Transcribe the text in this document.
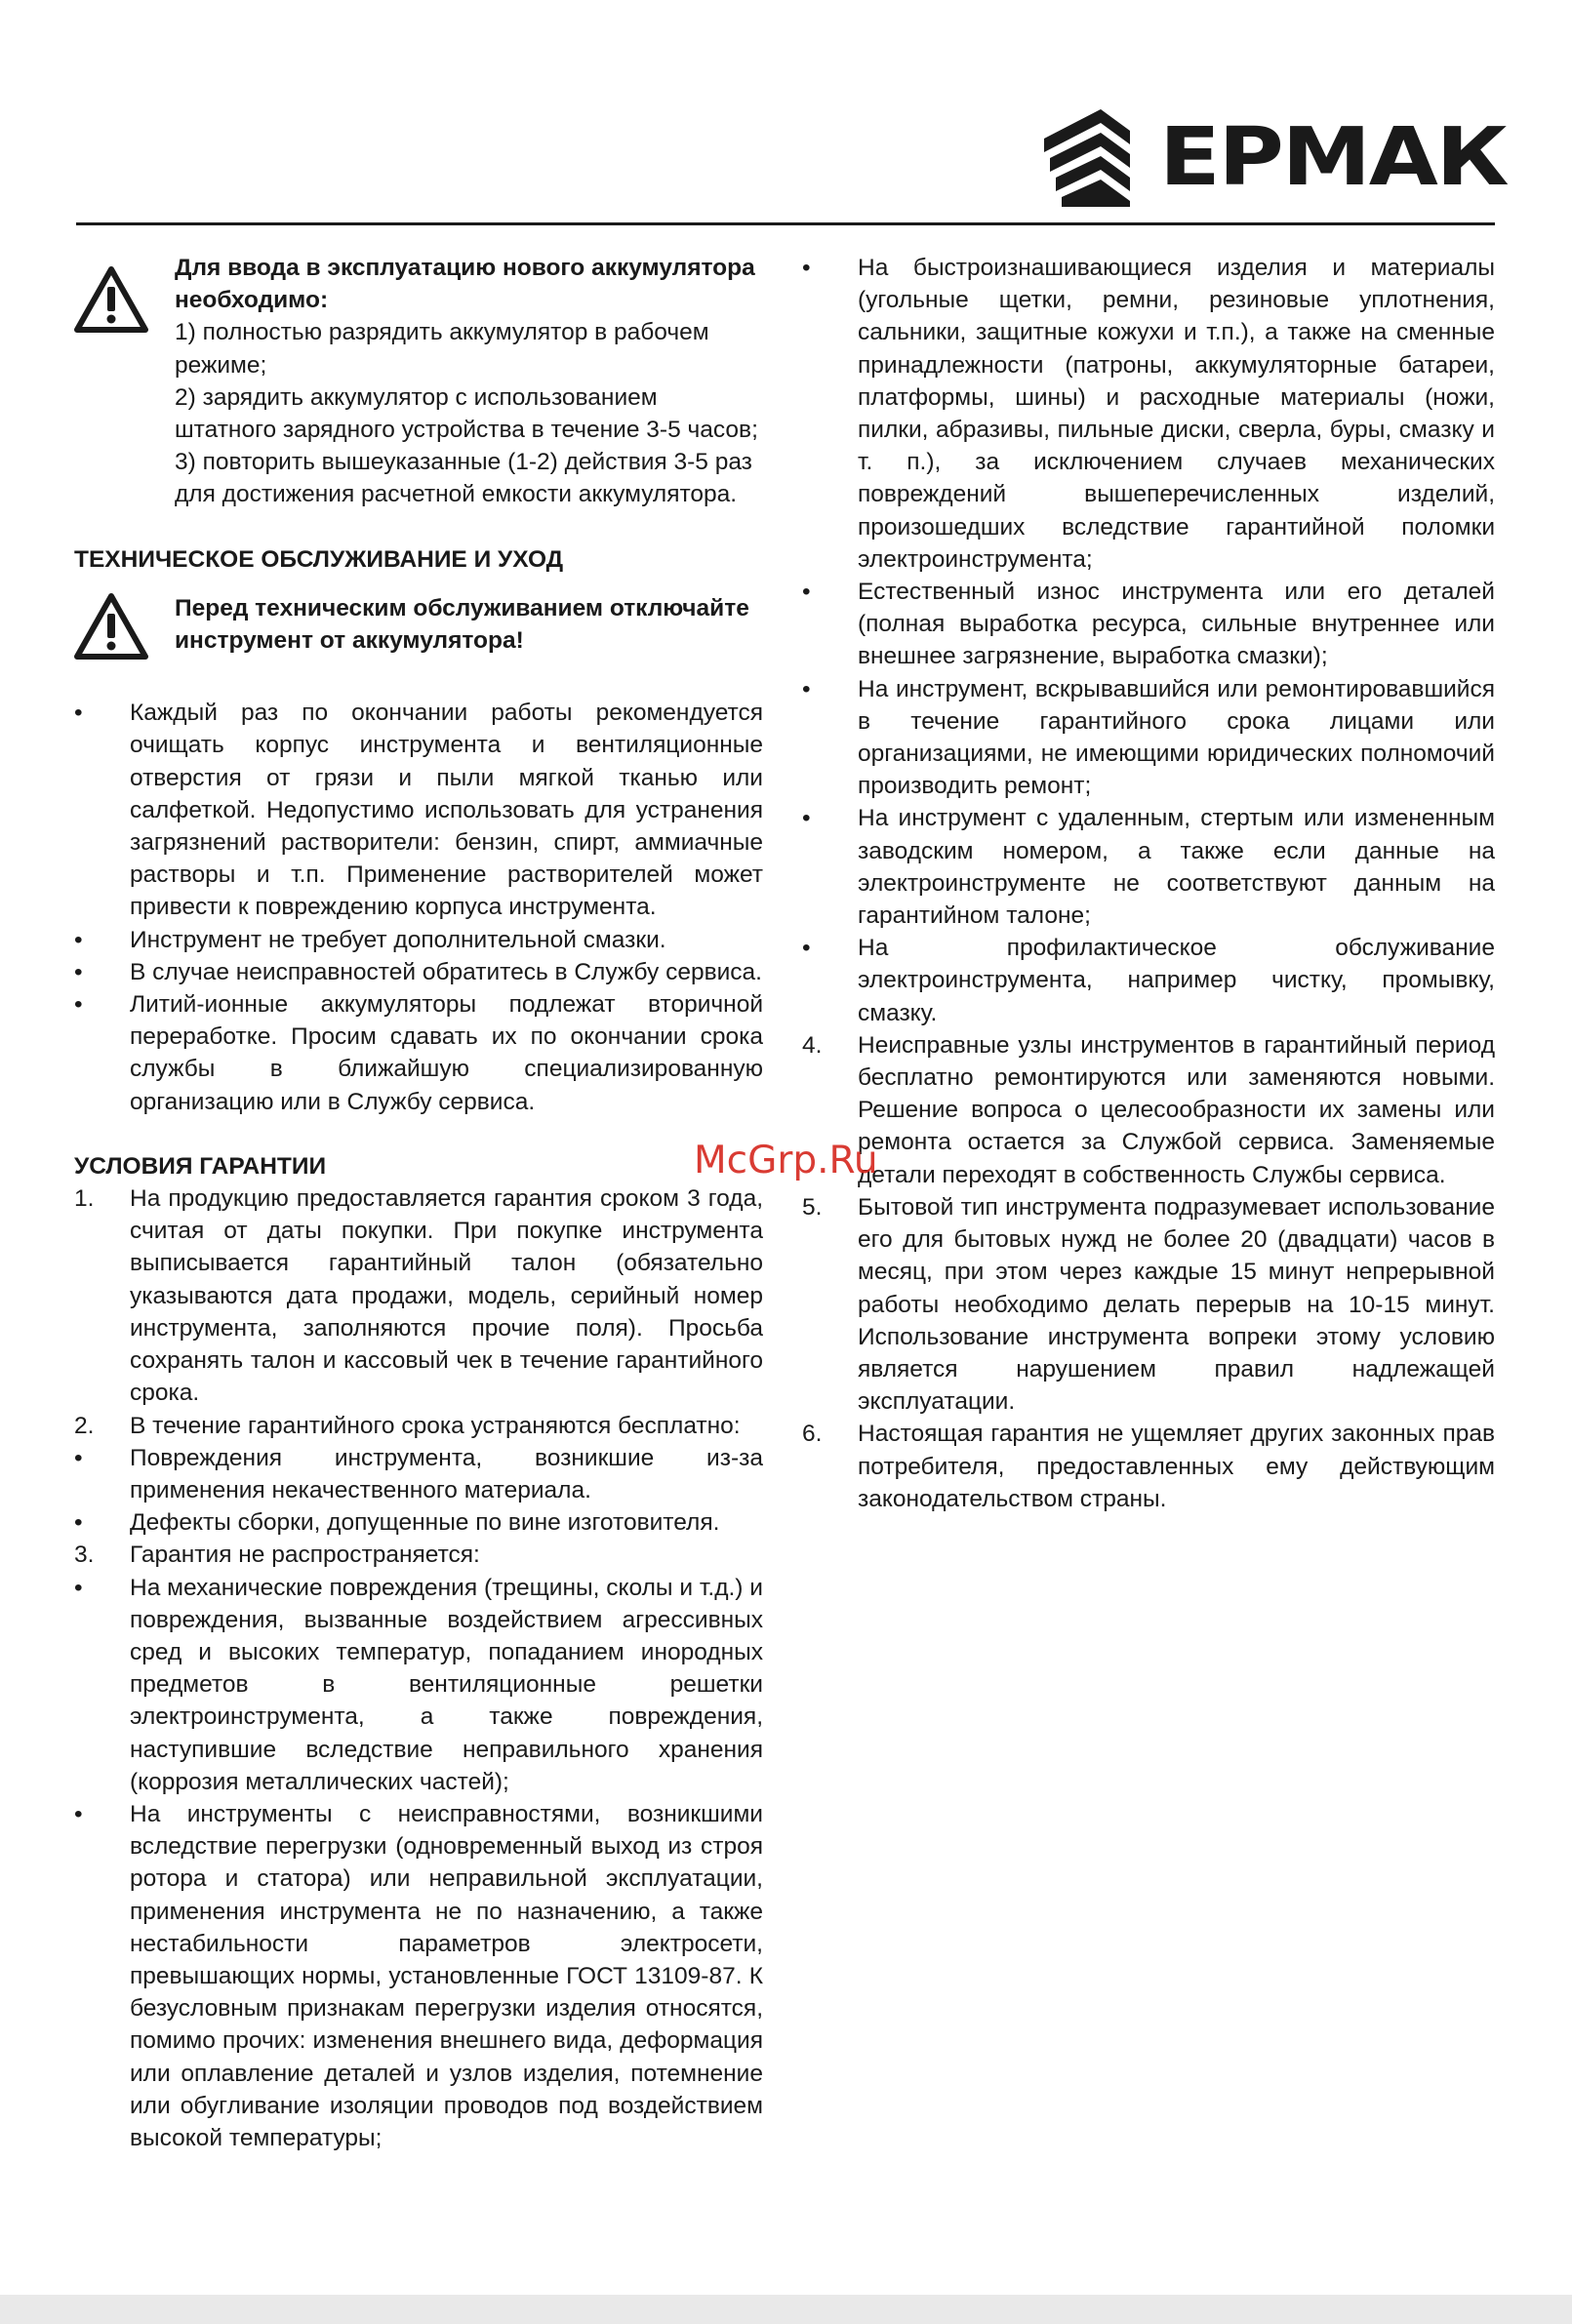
ЕРМАК
Для ввода в эксплуатацию нового аккумулятора необходимо:
1) полностью разрядить аккумулятор в рабочем режиме;
2) зарядить аккумулятор с использованием штатного зарядного устройства в течение 3-5 часов;
3) повторить вышеуказанные (1-2) действия 3-5 раз для достижения расчетной емкости аккумулятора.
ТЕХНИЧЕСКОЕ ОБСЛУЖИВАНИЕ И УХОД
Перед техническим обслуживанием отключайте инструмент от аккумулятора!
• Каждый раз по окончании работы рекомендуется очищать корпус инструмента и вентиляционные отверстия от грязи и пыли мягкой тканью или салфеткой. Недопустимо использовать для устранения загрязнений растворители: бензин, спирт, аммиачные растворы и т.п. Применение растворителей может привести к повреждению корпуса инструмента.
• Инструмент не требует дополнительной смазки.
• В случае неисправностей обратитесь в Службу сервиса.
• Литий-ионные аккумуляторы подлежат вторичной переработке. Просим сдавать их по окончании срока службы в ближайшую специализированную организацию или в Службу сервиса.
УСЛОВИЯ ГАРАНТИИ
1. На продукцию предоставляется гарантия сроком 3 года, считая от даты покупки. При покупке инструмента выписывается гарантийный талон (обязательно указываются дата продажи, модель, серийный номер инструмента, заполняются прочие поля). Просьба сохранять талон и кассовый чек в течение гарантийного срока.
2. В течение гарантийного срока устраняются бесплатно:
• Повреждения инструмента, возникшие из-за применения некачественного материала.
• Дефекты сборки, допущенные по вине изготовителя.
3. Гарантия не распространяется:
• На механические повреждения (трещины, сколы и т.д.) и повреждения, вызванные воздействием агрессивных сред и высоких температур, попаданием инородных предметов в вентиляционные решетки электроинструмента, а также повреждения, наступившие вследствие неправильного хранения (коррозия металлических частей);
• На инструменты с неисправностями, возникшими вследствие перегрузки (одновременный выход из строя ротора и статора) или неправильной эксплуатации, применения инструмента не по назначению, а также нестабильности параметров электросети, превышающих нормы, установленные ГОСТ 13109-87. К безусловным признакам перегрузки изделия относятся, помимо прочих: изменения внешнего вида, деформация или оплавление деталей и узлов изделия, потемнение или обугливание изоляции проводов под воздействием высокой температуры;
• На быстроизнашивающиеся изделия и материалы (угольные щетки, ремни, резиновые уплотнения, сальники, защитные кожухи и т.п.), а также на сменные принадлежности (патроны, аккумуляторные батареи, платформы, шины) и расходные материалы (ножи, пилки, абразивы, пильные диски, сверла, буры, смазку и т. п.), за исключением случаев механических повреждений вышеперечисленных изделий, произошедших вследствие гарантийной поломки электроинструмента;
• Естественный износ инструмента или его деталей (полная выработка ресурса, сильные внутреннее или внешнее загрязнение, выработка смазки);
• На инструмент, вскрывавшийся или ремонтировавшийся в течение гарантийного срока лицами или организациями, не имеющими юридических полномочий производить ремонт;
• На инструмент с удаленным, стертым или измененным заводским номером, а также если данные на электроинструменте не соответствуют данным на гарантийном талоне;
• На профилактическое обслуживание электроинструмента, например чистку, промывку, смазку.
4. Неисправные узлы инструментов в гарантийный период бесплатно ремонтируются или заменяются новыми. Решение вопроса о целесообразности их замены или ремонта остается за Службой сервиса. Заменяемые детали переходят в собственность Службы сервиса.
5. Бытовой тип инструмента подразумевает использование его для бытовых нужд не более 20 (двадцати) часов в месяц, при этом через каждые 15 минут непрерывной работы необходимо делать перерыв на 10-15 минут. Использование инструмента вопреки этому условию является нарушением правил надлежащей эксплуатации.
6. Настоящая гарантия не ущемляет других законных прав потребителя, предоставленных ему действующим законодательством страны.
McGrp.Ru
